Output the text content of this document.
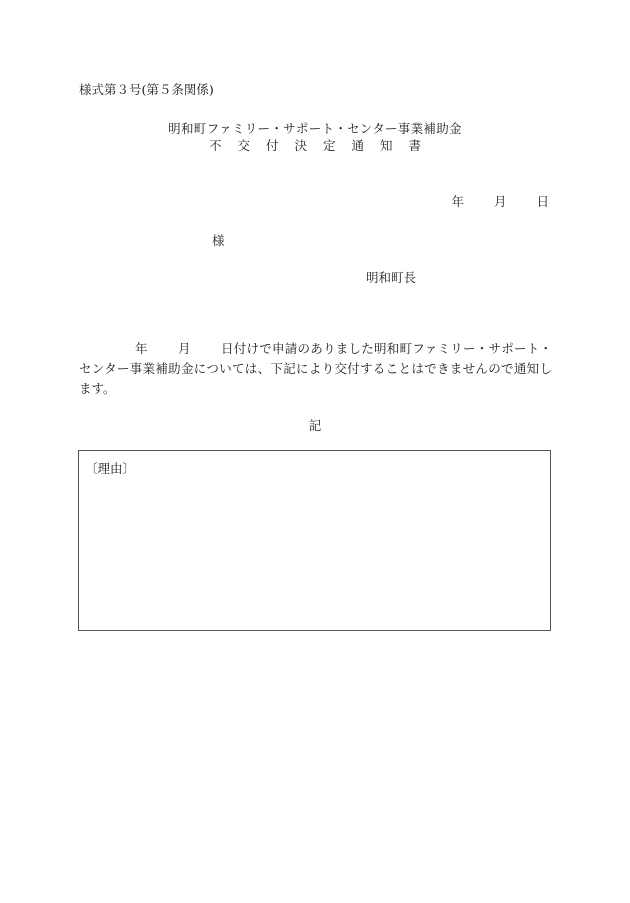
様式第３号(第５条関係)
明和町ファミリー・サポート・センター事業補助金
不 交 付 決 定 通 知 書
年 月 日
様
明和町長
年 月 日付けで申請のありました明和町ファミリー・サポート・センター事業補助金については、下記により交付することはできませんので通知します。
記
〔理由〕
